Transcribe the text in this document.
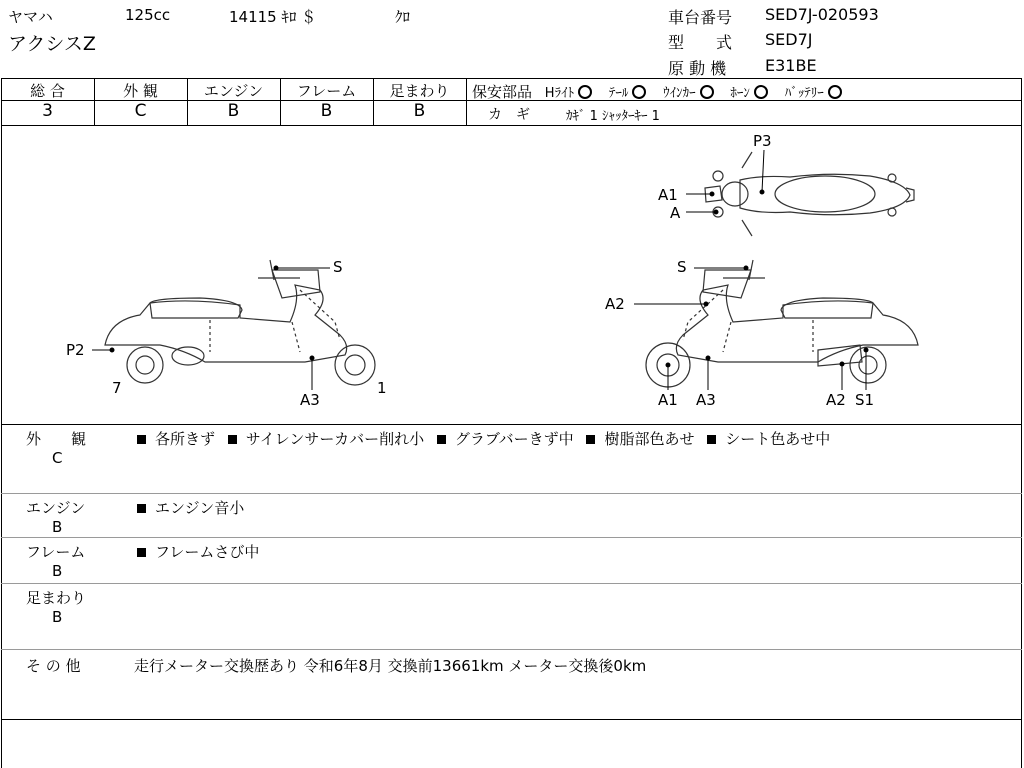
ヤマハ	125cc	14115 ｷﾛ ＄	ｸﾛ
アクシスZ
車台番号 SED7J-020593
型　　式 SED7J
原 動 機 E31BE
総 合	外 観	エンジン	フレーム	足まわり
3	C	B	B	B
保安部品 Hﾗｲﾄ	ﾃｰﾙ	ｳｲﾝｶｰ	ﾎｰﾝ	ﾊﾞｯﾃﾘｰ
カ　ギ	ｶｷﾞ 1 ｼｬｯﾀｰｷｰ 1
P3
A1
A
S
P2
7
A3
1
S
A2
A1 A3	A2 S1
外　　観
C
各所きず サイレンサーカバー削れ小 グラブバーきず中 樹脂部色あせ シート色あせ中
エンジン
B
エンジン音小
フレーム
B
フレームさび中
足まわり
B
そ の 他	走行メーター交換歴あり 令和6年8月 交換前13661km メーター交換後0km
